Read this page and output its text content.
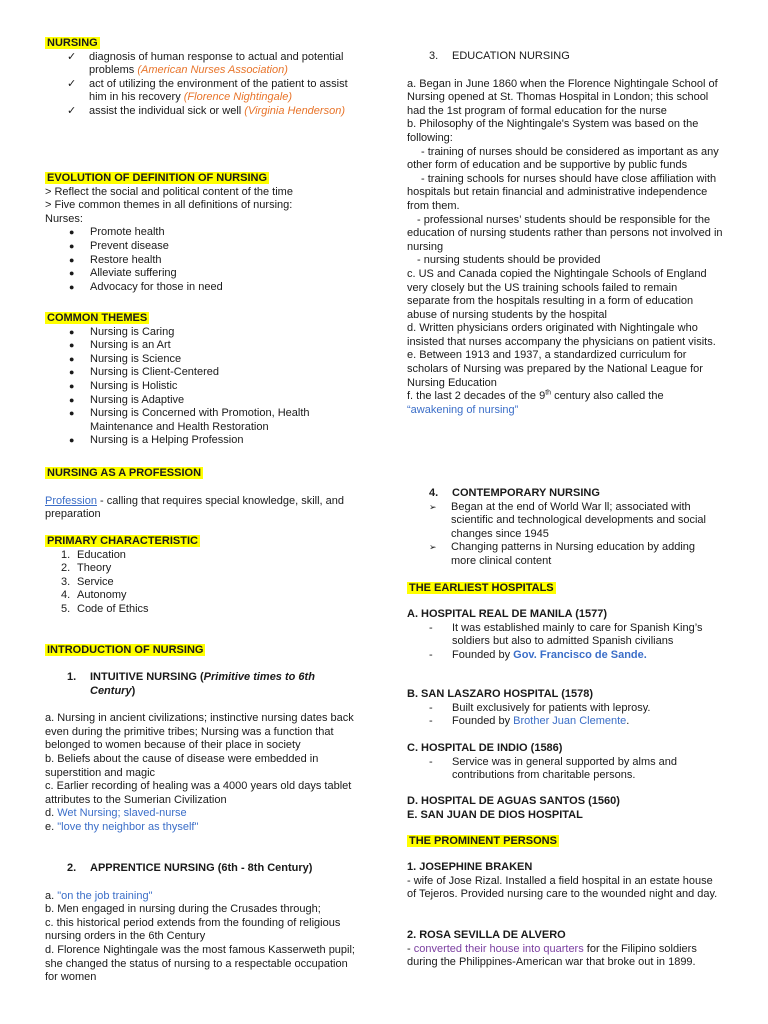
NURSING
✓ diagnosis of human response to actual and potential problems (American Nurses Association)
✓ act of utilizing the environment of the patient to assist him in his recovery (Florence Nightingale)
✓ assist the individual sick or well (Virginia Henderson)
EVOLUTION OF DEFINITION OF NURSING
> Reflect the social and political content of the time
> Five common themes in all definitions of nursing:
Nurses:
● Promote health
● Prevent disease
● Restore health
● Alleviate suffering
● Advocacy for those in need
COMMON THEMES
● Nursing is Caring
● Nursing is an Art
● Nursing is Science
● Nursing is Client-Centered
● Nursing is Holistic
● Nursing is Adaptive
● Nursing is Concerned with Promotion, Health Maintenance and Health Restoration
● Nursing is a Helping Profession
NURSING AS A PROFESSION
Profession - calling that requires special knowledge, skill, and preparation
PRIMARY CHARACTERISTIC
1. Education
2. Theory
3. Service
4. Autonomy
5. Code of Ethics
INTRODUCTION OF NURSING
1. INTUITIVE NURSING (Primitive times to 6th Century)
a. Nursing in ancient civilizations; instinctive nursing dates back even during the primitive tribes; Nursing was a function that belonged to women because of their place in society
b. Beliefs about the cause of disease were embedded in superstition and magic
c. Earlier recording of healing was a 4000 years old days tablet attributes to the Sumerian Civilization
d. Wet Nursing; slaved-nurse
e. "love thy neighbor as thyself"
2. APPRENTICE NURSING (6th - 8th Century)
a. "on the job training"
b. Men engaged in nursing during the Crusades through;
c. this historical period extends from the founding of religious nursing orders in the 6th Century
d. Florence Nightingale was the most famous Kasserweth pupil; she changed the status of nursing to a respectable occupation for women
3. EDUCATION NURSING
a. Began in June 1860 when the Florence Nightingale School of Nursing opened at St. Thomas Hospital in London; this school had the 1st program of formal education for the nurse
b. Philosophy of the Nightingale's System was based on the following:
- training of nurses should be considered as important as any other form of education and be supportive by public funds
- training schools for nurses should have close affiliation with hospitals but retain financial and administrative independence from them.
- professional nurses’ students should be responsible for the education of nursing students rather than persons not involved in nursing
- nursing students should be provided
c. US and Canada copied the Nightingale Schools of England very closely but the US training schools failed to remain separate from the hospitals resulting in a form of education abuse of nursing students by the hospital
d. Written physicians orders originated with Nightingale who insisted that nurses accompany the physicians on patient visits.
e. Between 1913 and 1937, a standardized curriculum for scholars of Nursing was prepared by the National League for Nursing Education
f. the last 2 decades of the 9th century also called the
“awakening of nursing”
4. CONTEMPORARY NURSING
➢ Began at the end of World War ll; associated with scientific and technological developments and social changes since 1945
➢ Changing patterns in Nursing education by adding more clinical content
THE EARLIEST HOSPITALS
A. HOSPITAL REAL DE MANILA (1577)
- It was established mainly to care for Spanish King’s soldiers but also to admitted Spanish civilians
- Founded by Gov. Francisco de Sande.
B. SAN LASZARO HOSPITAL (1578)
- Built exclusively for patients with leprosy.
- Founded by Brother Juan Clemente.
C. HOSPITAL DE INDIO (1586)
- Service was in general supported by alms and contributions from charitable persons.
D. HOSPITAL DE AGUAS SANTOS (1560)
E. SAN JUAN DE DIOS HOSPITAL
THE PROMINENT PERSONS
1. JOSEPHINE BRAKEN
- wife of Jose Rizal. Installed a field hospital in an estate house of Tejeros. Provided nursing care to the wounded night and day.
2. ROSA SEVILLA DE ALVERO
- converted their house into quarters for the Filipino soldiers during the Philippines-American war that broke out in 1899.
